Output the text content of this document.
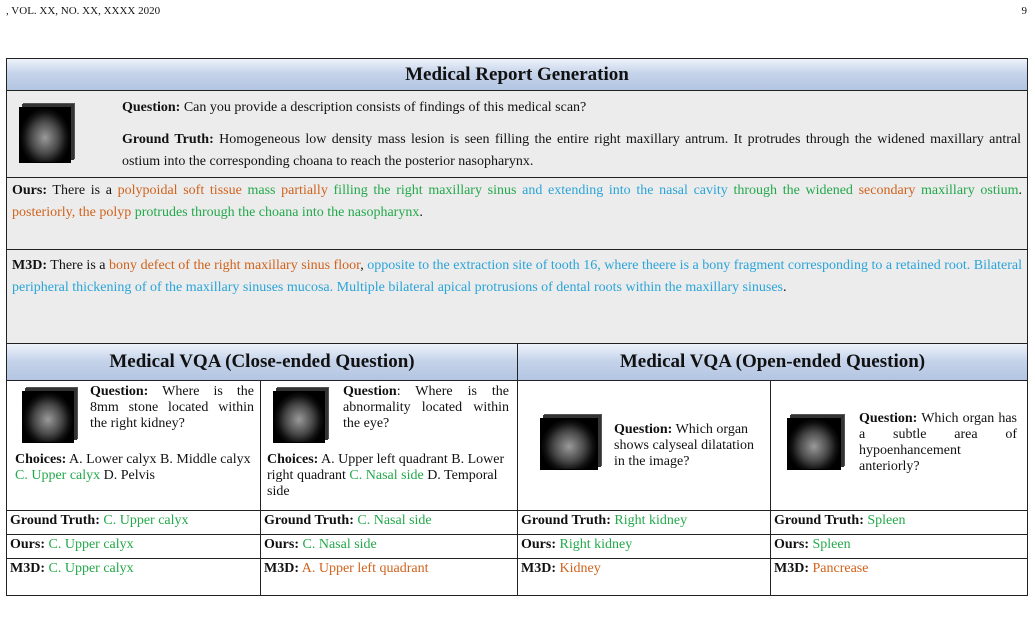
, VOL. XX, NO. XX, XXXX 2020	9
Medical Report Generation
Question: Can you provide a description consists of findings of this medical scan?
Ground Truth: Homogeneous low density mass lesion is seen filling the entire right maxillary antrum. It protrudes through the widened maxillary antral ostium into the corresponding choana to reach the posterior nasopharynx.
Ours: There is a polypoidal soft tissue mass partially filling the right maxillary sinus and extending into the nasal cavity through the widened secondary maxillary ostium. posteriorly, the polyp protrudes through the choana into the nasopharynx.
M3D: There is a bony defect of the right maxillary sinus floor, opposite to the extraction site of tooth 16, where theere is a bony fragment corresponding to a retained root. Bilateral peripheral thickening of of the maxillary sinuses mucosa. Multiple bilateral apical protrusions of dental roots within the maxillary sinuses.
Medical VQA (Close-ended Question)	Medical VQA (Open-ended Question)
Question: Where is the 8mm stone located within the right kidney?
Choices: A. Lower calyx B. Middle calyx C. Upper calyx D. Pelvis
Question: Where is the abnormality located within the eye?
Choices: A. Upper left quadrant B. Lower right quadrant C. Nasal side D. Temporal side
Question: Which organ shows calyseal dilatation in the image?
Question: Which organ has a subtle area of hypoenhancement anteriorly?
Ground Truth: C. Upper calyx
Ours: C. Upper calyx
M3D: C. Upper calyx
Ground Truth: C. Nasal side
Ours: C. Nasal side
M3D: A. Upper left quadrant
Ground Truth: Right kidney
Ours: Right kidney
M3D: Kidney
Ground Truth: Spleen
Ours: Spleen
M3D: Pancrease
